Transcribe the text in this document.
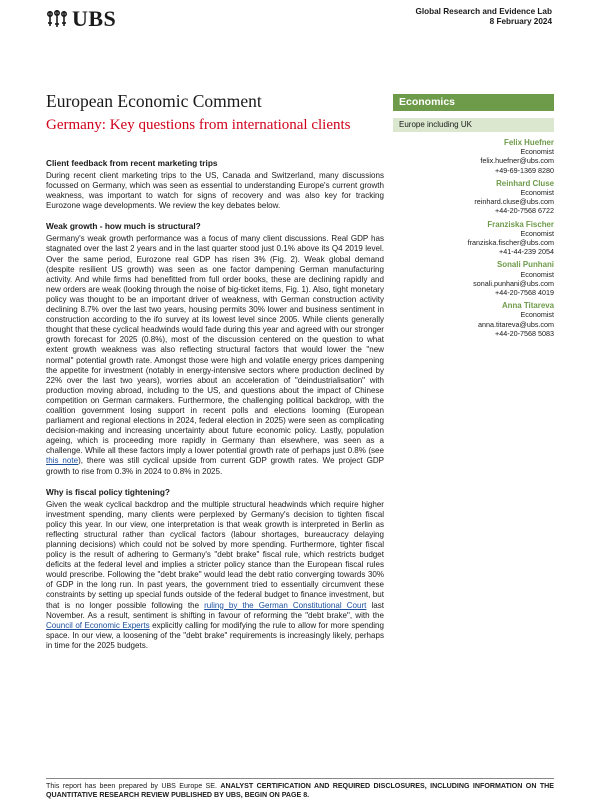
UBS	Global Research and Evidence Lab
8 February 2024
European Economic Comment
Germany: Key questions from international clients
Client feedback from recent marketing trips

During recent client marketing trips to the US, Canada and Switzerland, many discussions focussed on Germany, which was seen as essential to understanding Europe's current growth weakness, was important to watch for signs of recovery and was also key for tracking Eurozone wage developments. We review the key debates below.

Weak growth - how much is structural?

Germany's weak growth performance was a focus of many client discussions. Real GDP has stagnated over the last 2 years and in the last quarter stood just 0.1% above its Q4 2019 level. Over the same period, Eurozone real GDP has risen 3% (Fig. 2). Weak global demand (despite resilient US growth) was seen as one factor dampening German manufacturing activity. And while firms had benefitted from full order books, these are declining rapidly and new orders are weak (looking through the noise of big-ticket items, Fig. 1). Also, tight monetary policy was thought to be an important driver of weakness, with German construction activity declining 8.7% over the last two years, housing permits 30% lower and business sentiment in construction according to the ifo survey at its lowest level since 2005. While clients generally thought that these cyclical headwinds would fade during this year and agreed with our stronger growth forecast for 2025 (0.8%), most of the discussion centered on the question to what extent growth weakness was also reflecting structural factors that would lower the "new normal" potential growth rate. Amongst those were high and volatile energy prices dampening the appetite for investment (notably in energy-intensive sectors where production declined by 22% over the last two years), worries about an acceleration of "deindustrialisation" with production moving abroad, including to the US, and questions about the impact of Chinese competition on German carmakers. Furthermore, the challenging political backdrop, with the coalition government losing support in recent polls and elections looming (European parliament and regional elections in 2024, federal election in 2025) were seen as complicating decision-making and increasing uncertainty about future economic policy. Lastly, population ageing, which is proceeding more rapidly in Germany than elsewhere, was seen as a challenge. While all these factors imply a lower potential growth rate of perhaps just 0.8% (see this note), there was still cyclical upside from current GDP growth rates. We project GDP growth to rise from 0.3% in 2024 to 0.8% in 2025.

Why is fiscal policy tightening?

Given the weak cyclical backdrop and the multiple structural headwinds which require higher investment spending, many clients were perplexed by Germany's decision to tighten fiscal policy this year. In our view, one interpretation is that weak growth is interpreted in Berlin as reflecting structural rather than cyclical factors (labour shortages, bureaucracy delaying planning decisions) which could not be solved by more spending. Furthermore, tighter fiscal policy is the result of adhering to Germany's "debt brake" fiscal rule, which restricts budget deficits at the federal level and implies a stricter policy stance than the European fiscal rules would prescribe. Following the "debt brake" would lead the debt ratio converging towards 30% of GDP in the long run. In past years, the government tried to essentially circumvent these constraints by setting up special funds outside of the federal budget to finance investment, but that is no longer possible following the ruling by the German Constitutional Court last November. As a result, sentiment is shifting in favour of reforming the "debt brake", with the Council of Economic Experts explicitly calling for modifying the rule to allow for more spending space. In our view, a loosening of the "debt brake" requirements is increasingly likely, perhaps in time for the 2025 budgets.

Economics
Europe including UK
Felix Huefner
Economist
felix.huefner@ubs.com
+49-69-1369 8280
Reinhard Cluse
Economist
reinhard.cluse@ubs.com
+44-20-7568 6722
Franziska Fischer
Economist
franziska.fischer@ubs.com
+41-44-239 2054
Sonali Punhani
Economist
sonali.punhani@ubs.com
+44-20-7568 4019
Anna Titareva
Economist
anna.titareva@ubs.com
+44-20-7568 5083
This report has been prepared by UBS Europe SE. ANALYST CERTIFICATION AND REQUIRED DISCLOSURES, INCLUDING INFORMATION ON THE QUANTITATIVE RESEARCH REVIEW PUBLISHED BY UBS, BEGIN ON PAGE 8.
